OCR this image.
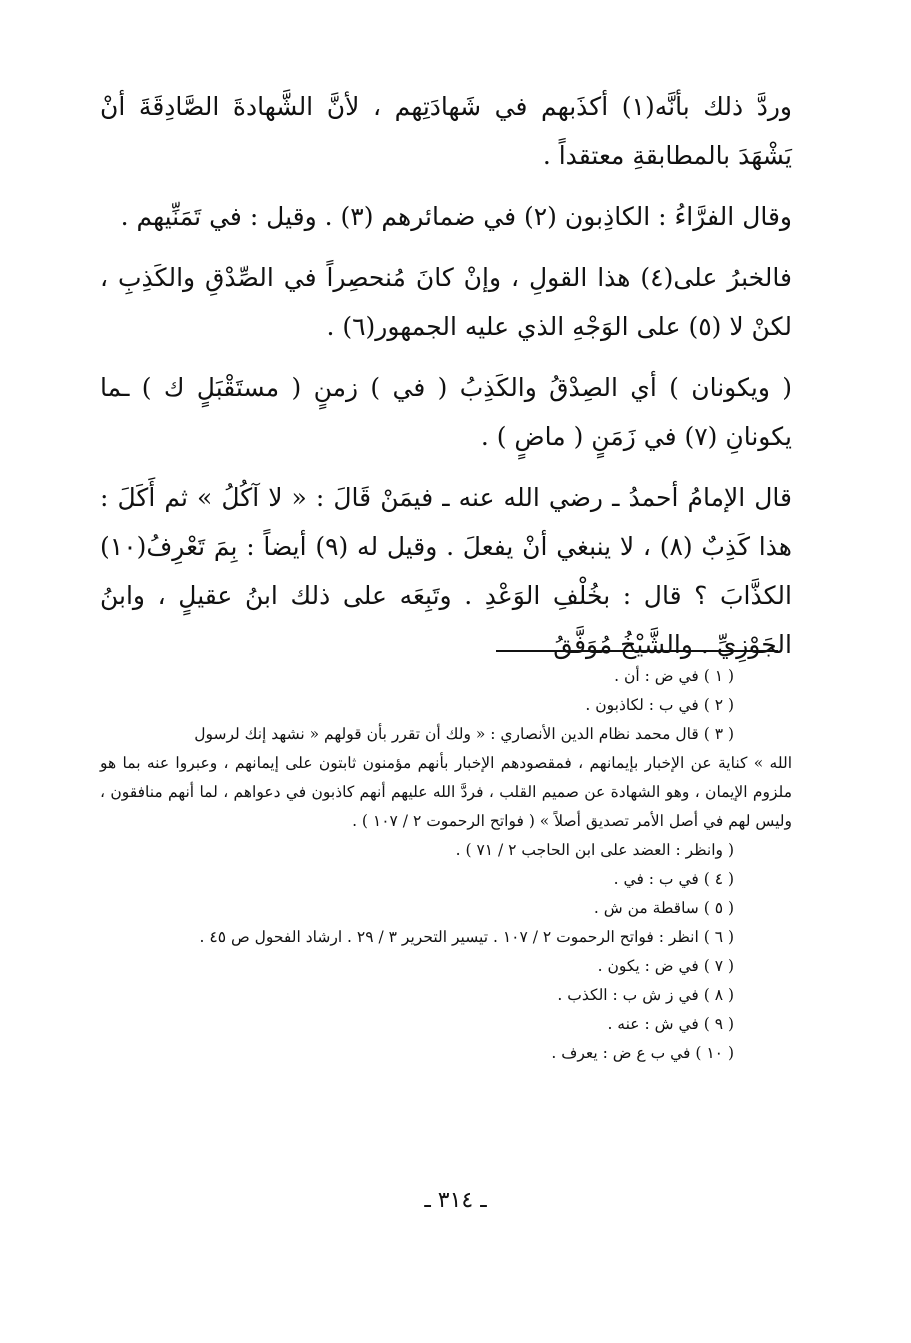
وردَّ ذلك بأنَّه(١) أكذَبهم في شَهادَتِهم ، لأنَّ الشَّهادةَ الصَّادِقَةَ أنْ يَشْهَدَ بالمطابقةِ معتقداً .

وقال الفرَّاءُ : الكاذِبون (٢) في ضمائرهم (٣) . وقيل : في تَمَنِّيهم .

فالخبرُ على(٤) هذا القولِ ، وإنْ كانَ مُنحصِراً في الصِّدْقِ والكَذِبِ ، لكنْ لا (٥) على الوَجْهِ الذي عليه الجمهور(٦) .

( ويكونان ) أي الصِدْقُ والكَذِبُ ( في ) زمنٍ ( مستَقْبَلٍ ك ) ـما يكونانِ (٧) في زَمَنٍ ( ماضٍ ) .

قال الإمامُ أحمدُ ـ رضي الله عنه ـ فيمَنْ قَالَ : « لا آكُلُ » ثم أَكَلَ : هذا كَذِبٌ (٨) ، لا ينبغي أنْ يفعلَ . وقيل له (٩) أيضاً : بِمَ تَعْرِفُ(١٠) الكذَّابَ ؟ قال : بخُلْفِ الوَعْدِ . وتَبِعَه على ذلك ابنُ عقيلٍ ، وابنُ الجَوْزِيِّ . والشَّيْخُ مُوَفَّقُ

( ١ ) في ض : أن .

( ٢ ) في ب : لكاذبون .

( ٣ ) قال محمد نظام الدين الأنصاري : « ولك أن تقرر بأن قولهم « نشهد إنك لرسول

الله » كناية عن الإخبار بإيمانهم ، فمقصودهم الإخبار بأنهم مؤمنون ثابتون على إيمانهم ، وعبروا عنه بما هو ملزوم الإيمان ، وهو الشهادة عن صميم القلب ، فردَّ الله عليهم أنهم كاذبون في دعواهم ، لما أنهم منافقون ، وليس لهم في أصل الأمر تصديق أصلاً » ( فواتح الرحموت ٢ / ١٠٧ ) .

( وانظر : العضد على ابن الحاجب ٢ / ٧١ ) .

( ٤ ) في ب : في .

( ٥ ) ساقطة من ش .

( ٦ ) انظر : فواتح الرحموت ٢ / ١٠٧ . تيسير التحرير ٣ / ٢٩ . ارشاد الفحول ص ٤٥ .

( ٧ ) في ض : يكون .

( ٨ ) في ز ش ب : الكذب .

( ٩ ) في ش : عنه .

( ١٠ ) في ب ع ض : يعرف .

ـ ٣١٤ ـ
